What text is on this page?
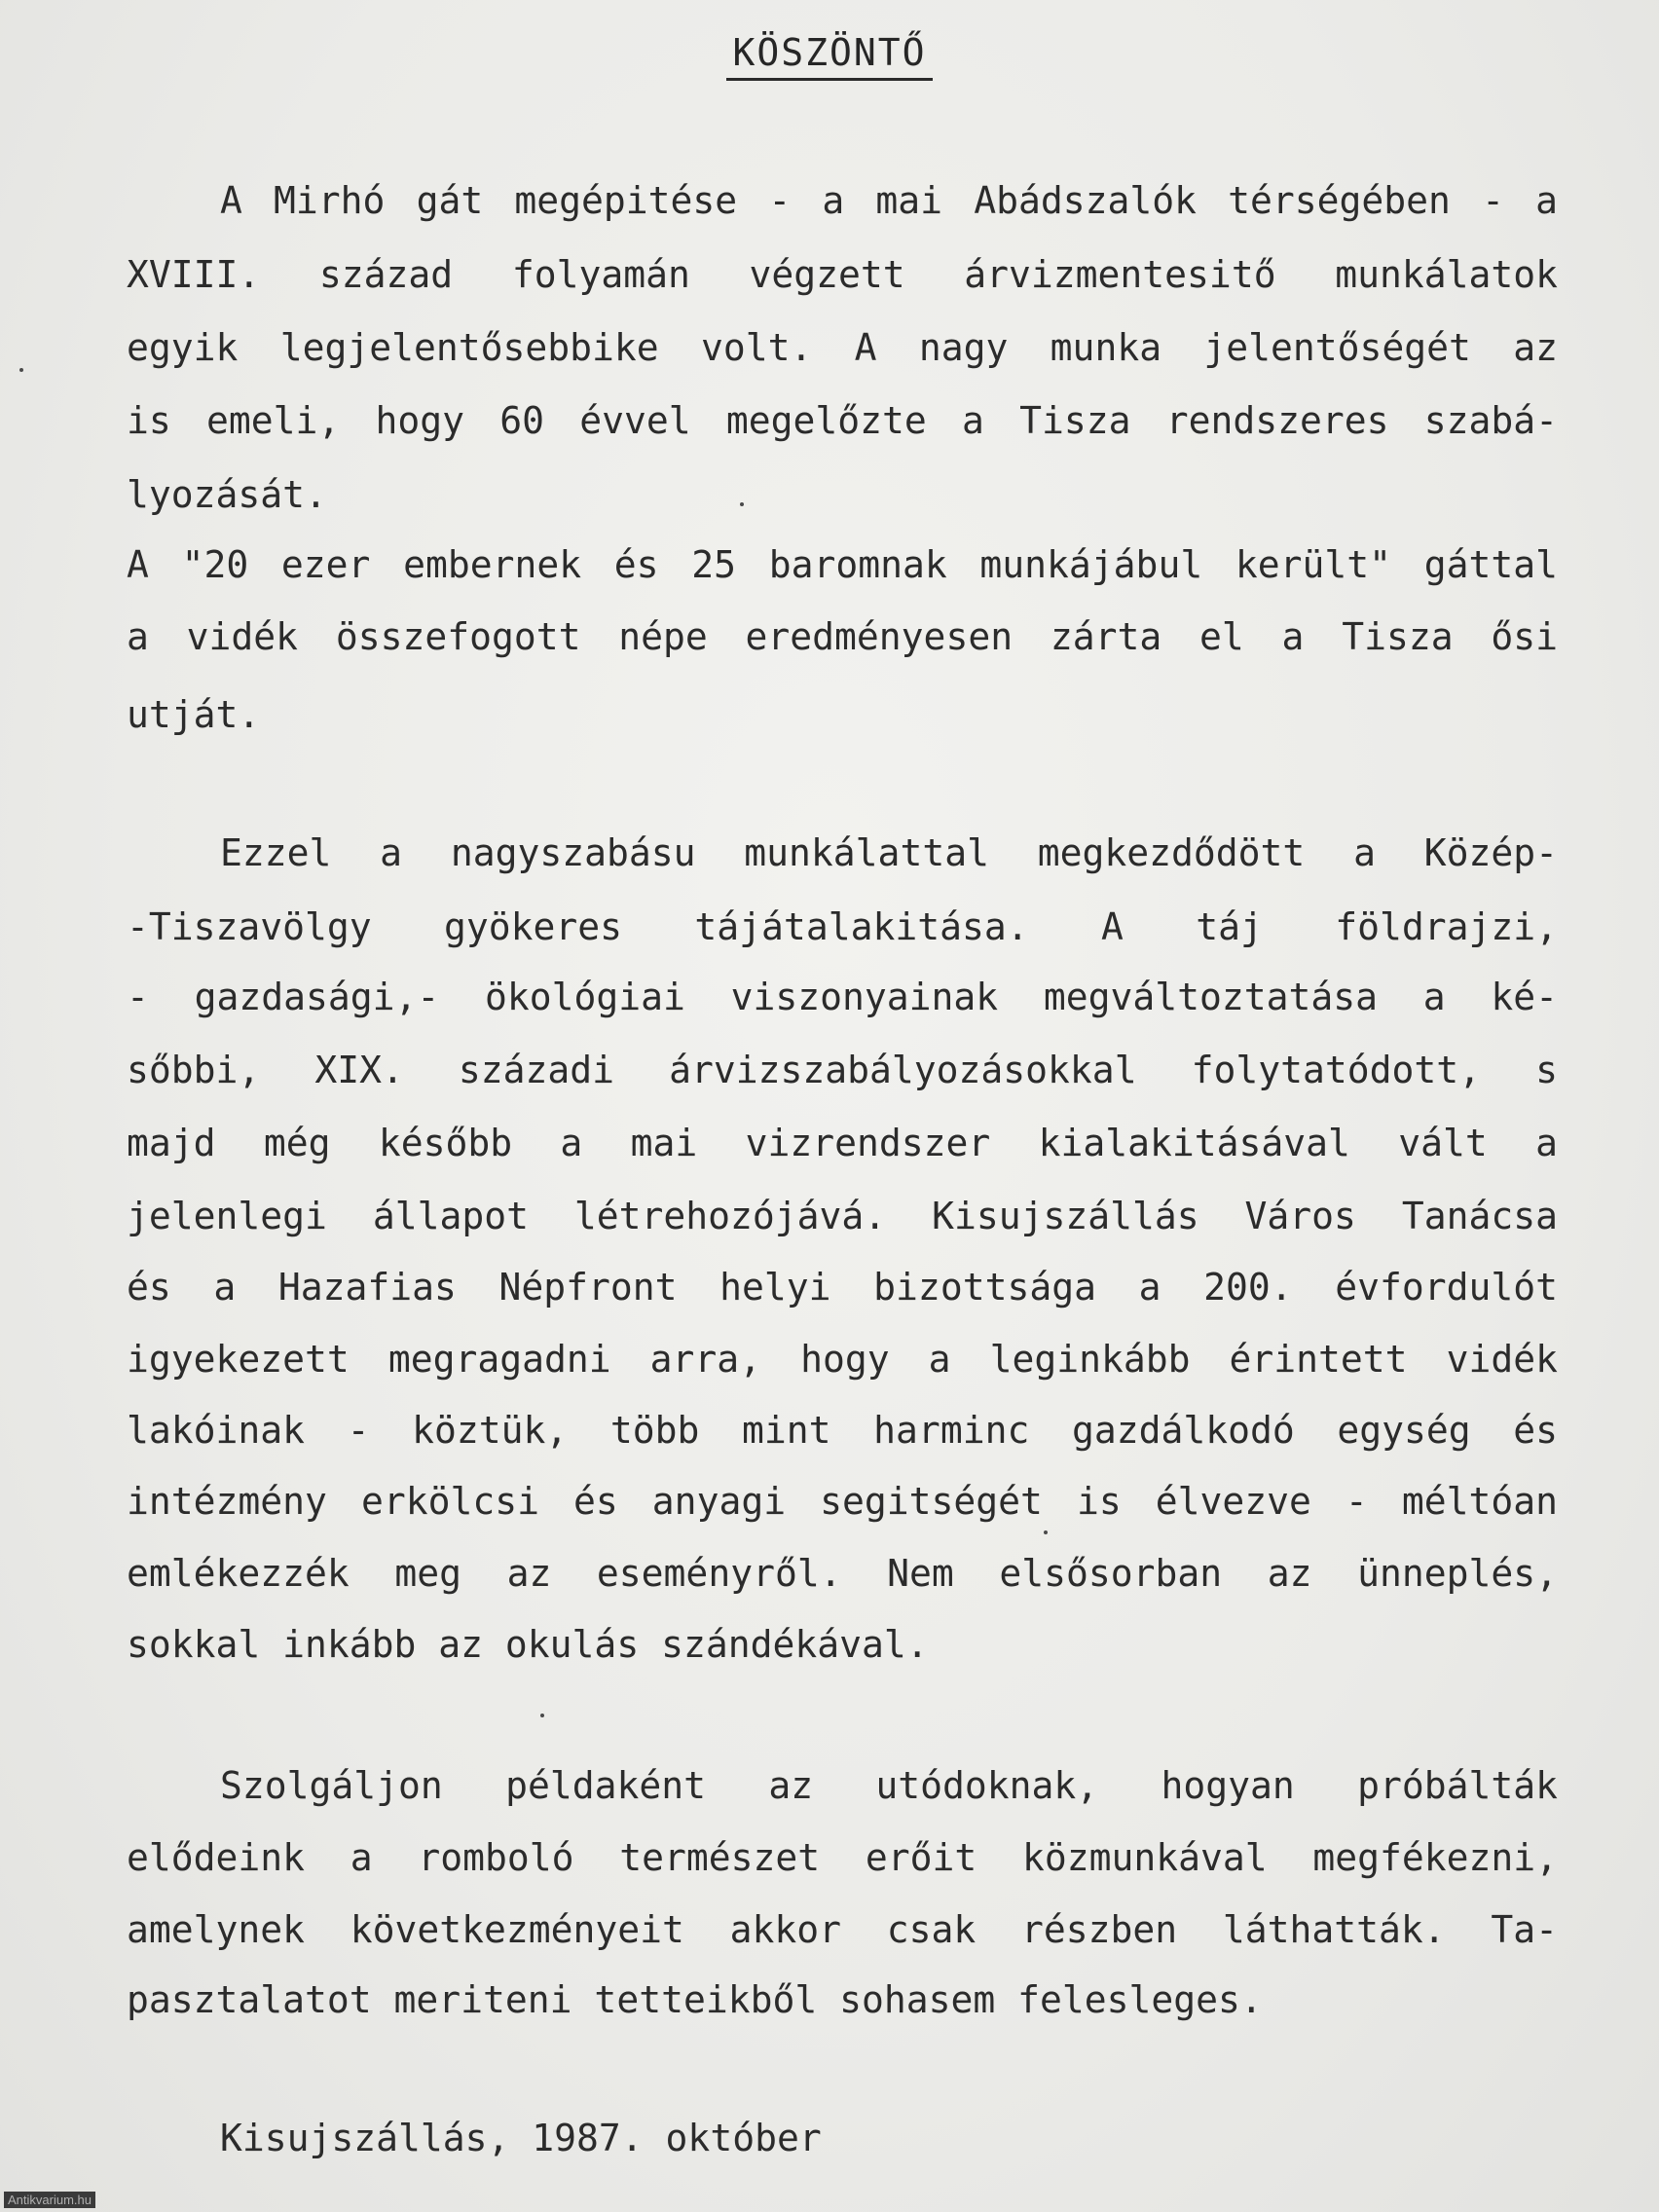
KÖSZÖNTŐ
A Mirhó gát megépitése - a mai Abádszalók térségében - a
XVIII. század folyamán végzett árvizmentesitő munkálatok
egyik legjelentősebbike volt. A nagy munka jelentőségét az
is emeli, hogy 60 évvel megelőzte a Tisza rendszeres szabá-
lyozását.
A "20 ezer embernek és 25 baromnak munkájábul került" gáttal
a vidék összefogott népe eredményesen zárta el a Tisza ősi
utját.
Ezzel a nagyszabásu munkálattal megkezdődött a Közép-
-Tiszavölgy gyökeres tájátalakitása. A táj földrajzi,
- gazdasági,- ökológiai viszonyainak megváltoztatása a ké-
sőbbi, XIX. századi árvizszabályozásokkal folytatódott, s
majd még később a mai vizrendszer kialakitásával vált a
jelenlegi állapot létrehozójává. Kisujszállás Város Tanácsa
és a Hazafias Népfront helyi bizottsága a 200. évfordulót
igyekezett megragadni arra, hogy a leginkább érintett vidék
lakóinak - köztük, több mint harminc gazdálkodó egység és
intézmény erkölcsi és anyagi segitségét is élvezve - méltóan
emlékezzék meg az eseményről. Nem elsősorban az ünneplés,
sokkal inkább az okulás szándékával.
Szolgáljon példaként az utódoknak, hogyan próbálták
elődeink a romboló természet erőit közmunkával megfékezni,
amelynek következményeit akkor csak részben láthatták. Ta-
pasztalatot meriteni tetteikből sohasem felesleges.
Kisujszállás, 1987. október
Antikvarium.hu
